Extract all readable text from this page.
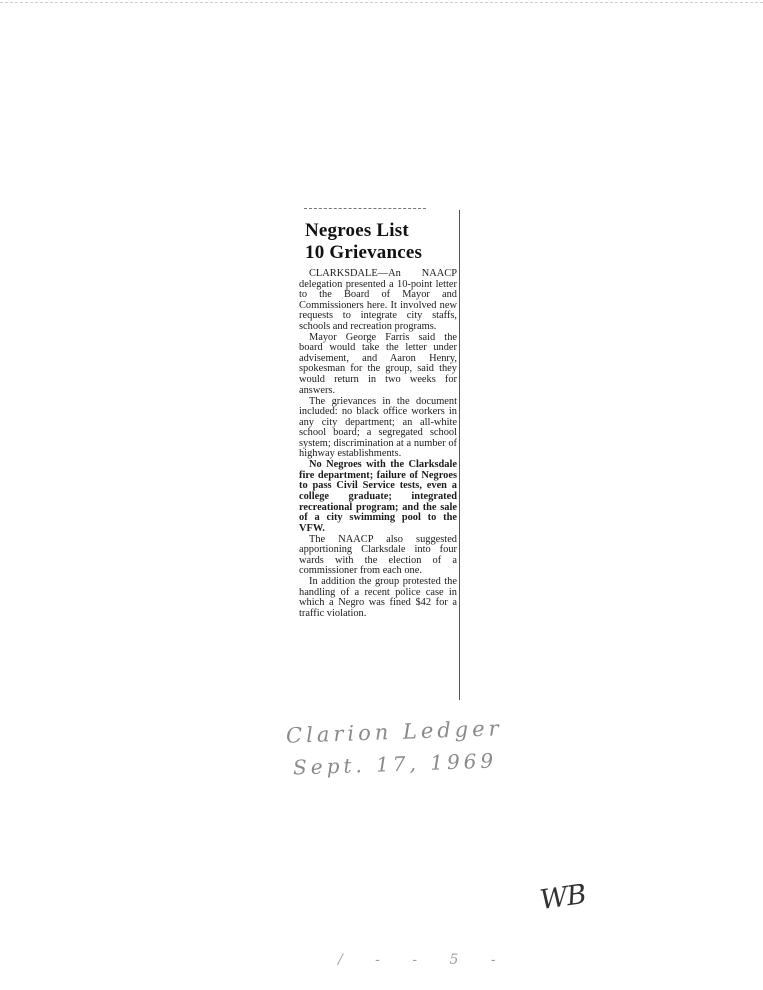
Negroes List
10 Grievances

CLARKSDALE—An NAACP delegation presented a 10-point letter to the Board of Mayor and Commissioners here. It involved new requests to integrate city staffs, schools and recreation programs.

Mayor George Farris said the board would take the letter under advisement, and Aaron Henry, spokesman for the group, said they would return in two weeks for answers.

The grievances in the document included: no black office workers in any city department; an all-white school board; a segregated school system; discrimination at a number of highway establishments.

No Negroes with the Clarksdale fire department; failure of Negroes to pass Civil Service tests, even a college graduate; integrated recreational program; and the sale of a city swimming pool to the VFW.

The NAACP also suggested apportioning Clarksdale into four wards with the election of a commissioner from each one.

In addition the group protested the handling of a recent police case in which a Negro was fined $42 for a traffic violation.

Clarion Ledger
Sept. 17, 1969
WB
/ - - 5 -
